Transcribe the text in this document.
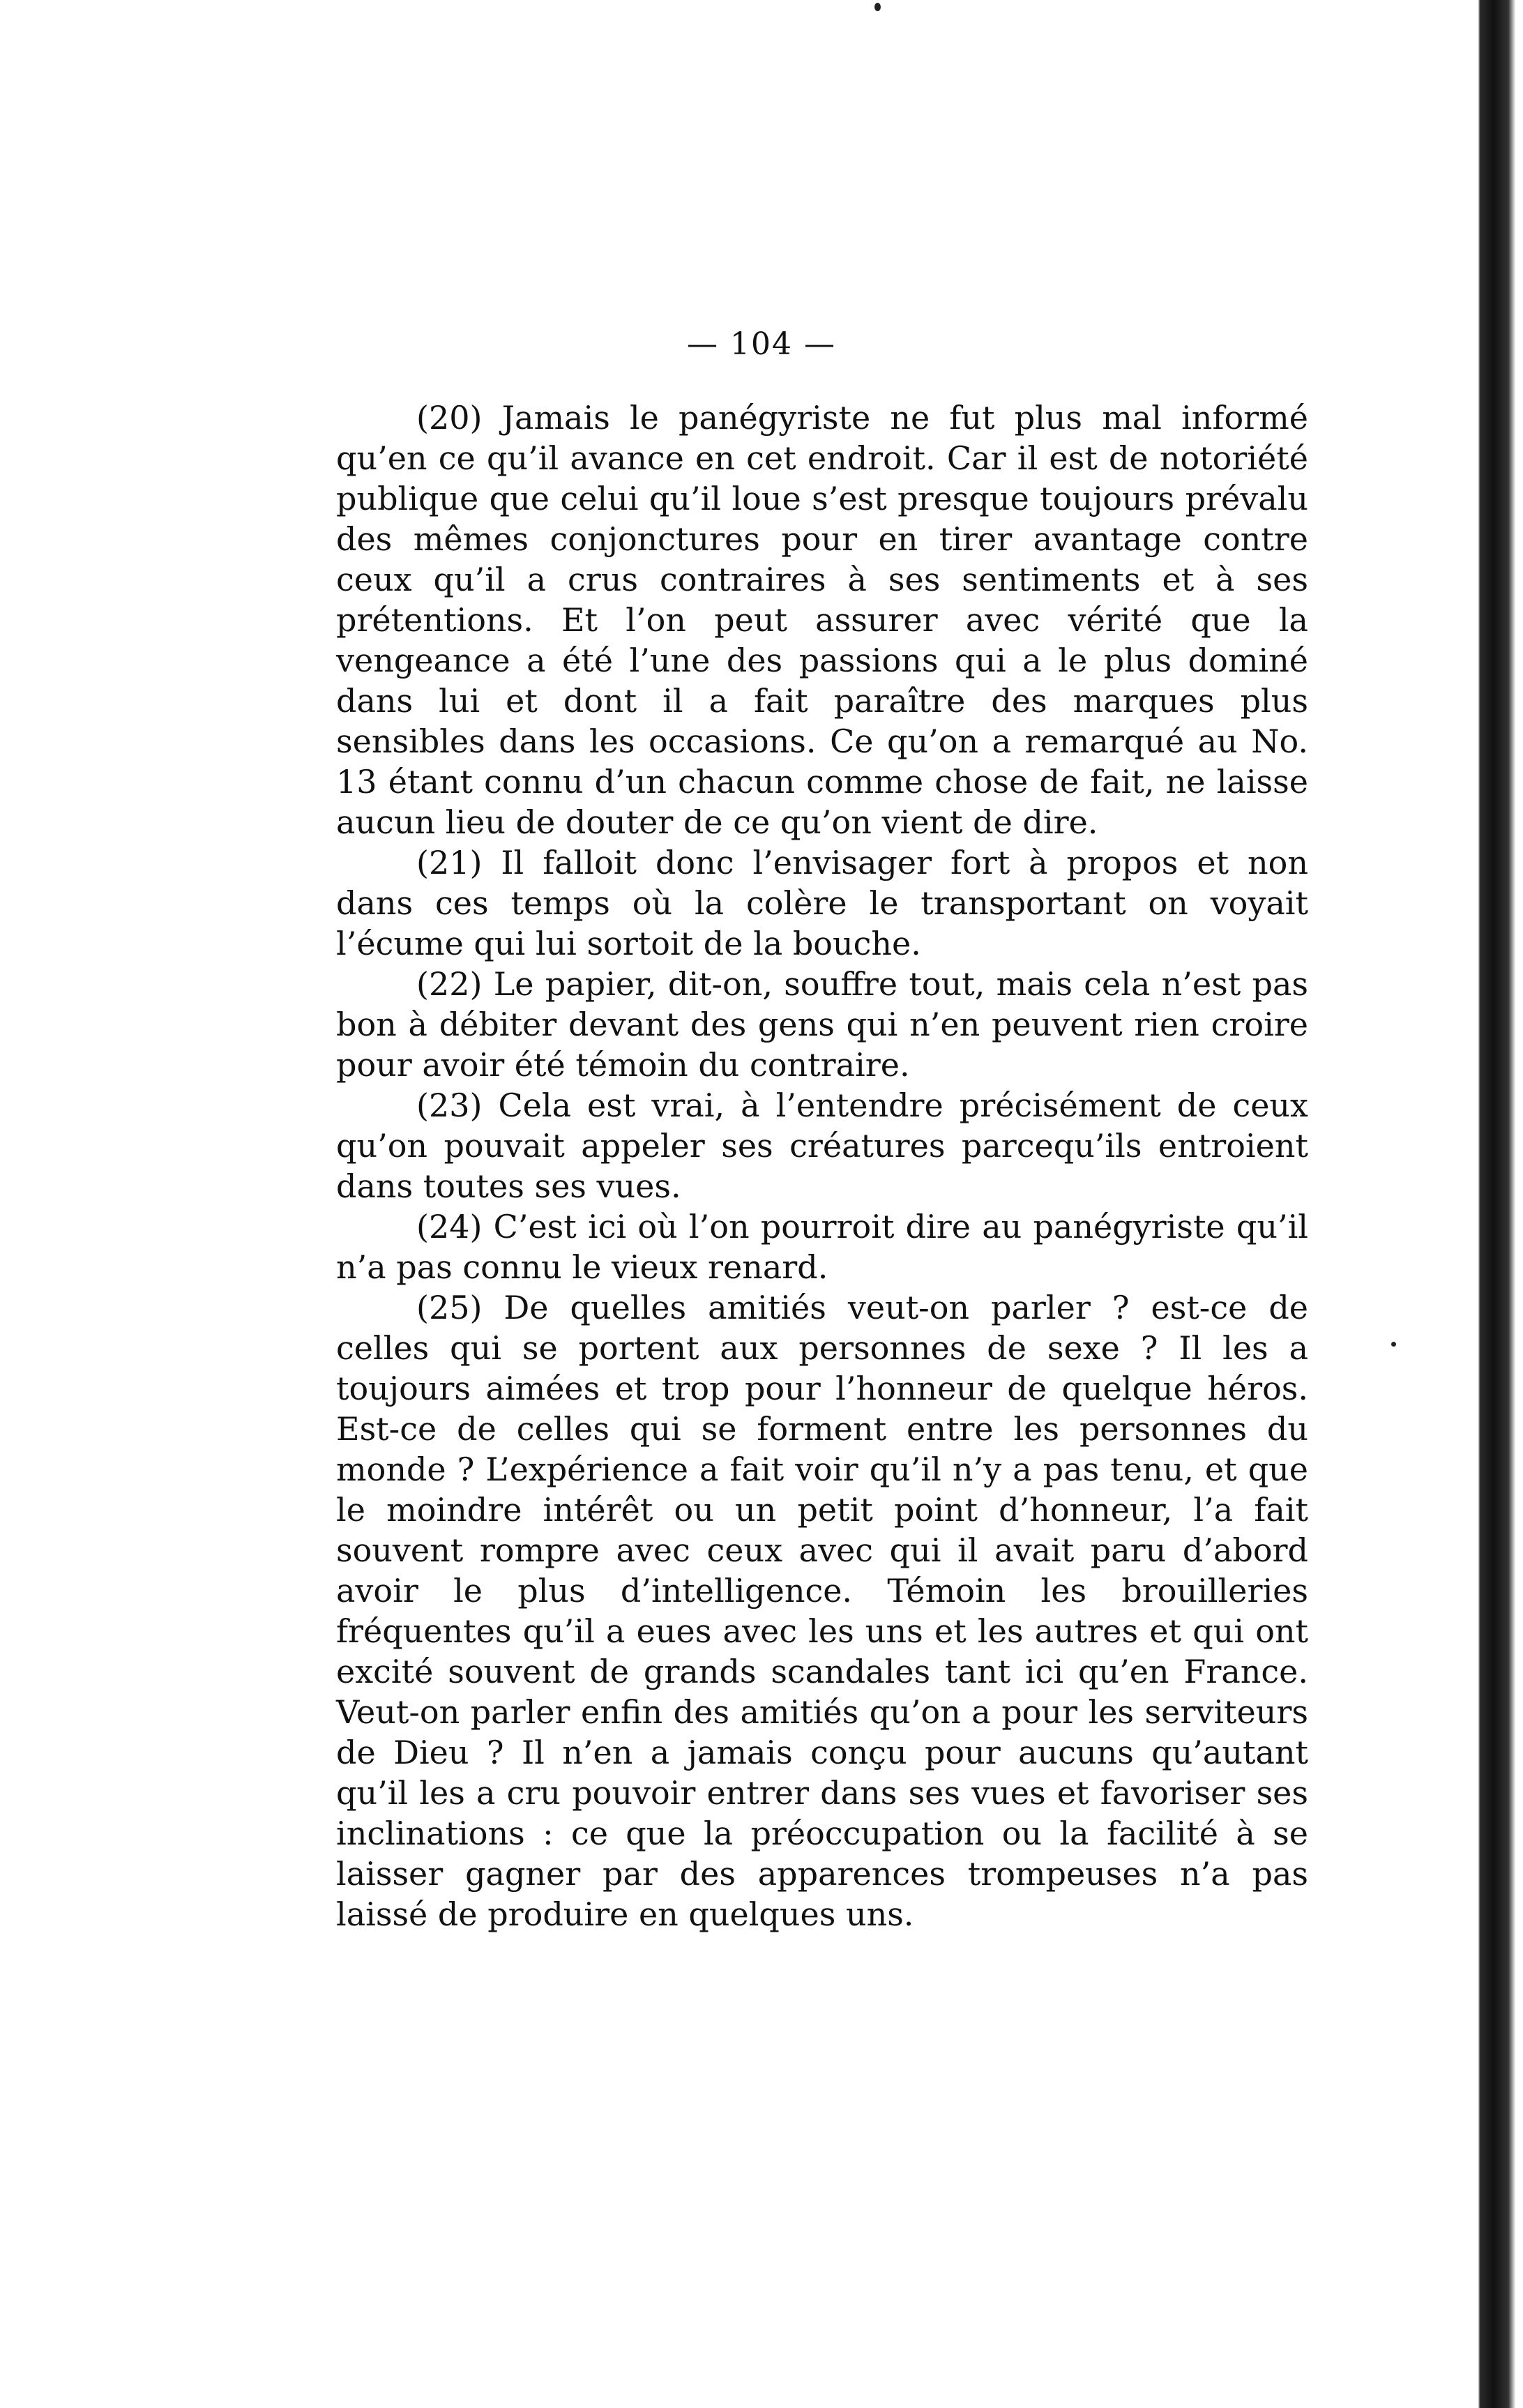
— 104 —

(20) Jamais le panégyriste ne fut plus mal informé qu’en ce qu’il avance en cet endroit. Car il est de notoriété publique que celui qu’il loue s’est presque toujours prévalu des mêmes conjonctures pour en tirer avantage contre ceux qu’il a crus contraires à ses sentiments et à ses prétentions. Et l’on peut assurer avec vérité que la vengeance a été l’une des passions qui a le plus dominé dans lui et dont il a fait paraître des marques plus sensibles dans les occasions. Ce qu’on a remarqué au No. 13 étant connu d’un chacun comme chose de fait, ne laisse aucun lieu de douter de ce qu’on vient de dire.

(21) Il falloit donc l’envisager fort à propos et non dans ces temps où la colère le transportant on voyait l’écume qui lui sortoit de la bouche.

(22) Le papier, dit-on, souffre tout, mais cela n’est pas bon à débiter devant des gens qui n’en peuvent rien croire pour avoir été témoin du contraire.

(23) Cela est vrai, à l’entendre précisément de ceux qu’on pouvait appeler ses créatures parcequ’ils entroient dans toutes ses vues.

(24) C’est ici où l’on pourroit dire au panégyriste qu’il n’a pas connu le vieux renard.

(25) De quelles amitiés veut-on parler ? est-ce de celles qui se portent aux personnes de sexe ? Il les a toujours aimées et trop pour l’honneur de quelque héros. Est-ce de celles qui se forment entre les personnes du monde ? L’expérience a fait voir qu’il n’y a pas tenu, et que le moindre intérêt ou un petit point d’honneur, l’a fait souvent rompre avec ceux avec qui il avait paru d’abord avoir le plus d’intelligence. Témoin les brouilleries fréquentes qu’il a eues avec les uns et les autres et qui ont excité souvent de grands scandales tant ici qu’en France. Veut-on parler enfin des amitiés qu’on a pour les serviteurs de Dieu ? Il n’en a jamais conçu pour aucuns qu’autant qu’il les a cru pouvoir entrer dans ses vues et favoriser ses inclinations : ce que la préoccupation ou la facilité à se laisser gagner par des apparences trompeuses n’a pas laissé de produire en quelques uns.
